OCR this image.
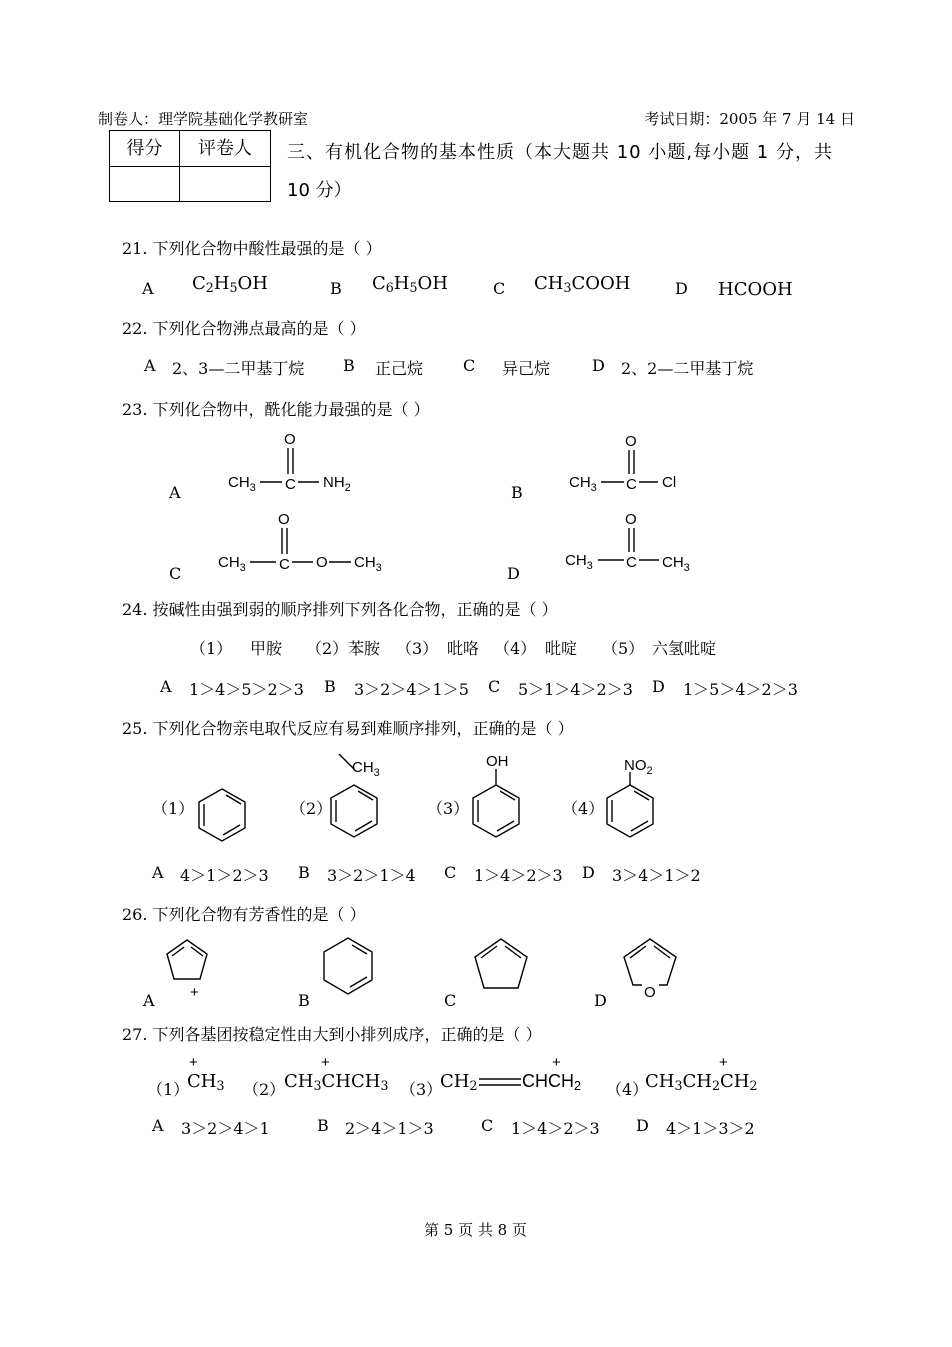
制卷人：理学院基础化学教研室	考试日期：2005 年 7 月 14 日
得分	评卷人	三、有机化合物的基本性质（本大题共 10 小题,每小题 1 分，共
10 分）
21. 下列化合物中酸性最强的是（ ）
A $C_2H_5OH$	B $C_6H_5OH$	C $CH_3COOH$	D HCOOH
22. 下列化合物沸点最高的是（ ）
A 2、3—二甲基丁烷 B 正己烷 C 异己烷	D 2、2—二甲基丁烷
23. 下列化合物中，酰化能力最强的是（ ）
A	B
C	D
O
$CH_3$ C $NH_2$
O
$CH_3$ C Cl
O
$CH_3$ C O $CH_3$
O
$CH_3$ C $CH_3$
24. 按碱性由强到弱的顺序排列下列各化合物，正确的是（ ）
（1） 甲胺 （2） 苯胺 （3） 吡咯 （4） 吡啶 （5） 六氢吡啶
A 1＞4＞5＞2＞3 B 3＞2＞4＞1＞5 C 5＞1＞4＞2＞3 D 1＞5＞4＞2＞3
25. 下列化合物亲电取代反应有易到难顺序排列，正确的是（ ）
（1）	（2）
$CH_3$
（3）
OH
（4）
$NO_2$
A 4＞1＞2＞3 B 3＞2＞1＞4 C 1＞4＞2＞3 D 3＞4＞1＞2
26. 下列化合物有芳香性的是（ ）
A +	B	C	D O
27. 下列各基团按稳定性由大到小排列成序，正确的是（ ）
（1）
+
$CH_3$ （2）
+
$CH_3CHCH_3$ （3）
$CH_2$
+
$CHCH_2$ （4）
+
$CH_3CH_2CH_2$
A 3＞2＞4＞1	B 2＞4＞1＞3	C 1＞4＞2＞3 D 4＞1＞3＞2
第 5 页 共 8 页
